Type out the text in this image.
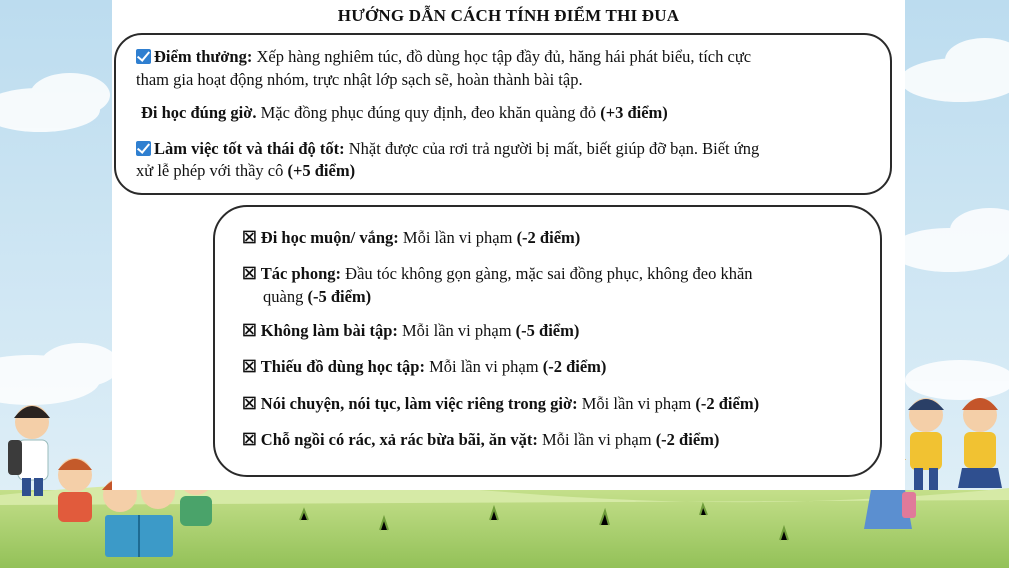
HƯỚNG DẪN CÁCH TÍNH ĐIỂM THI ĐUA
Điểm thưởng: Xếp hàng nghiêm túc, đồ dùng học tập đầy đủ, hăng hái phát biểu, tích cực
tham gia hoạt động nhóm, trực nhật lớp sạch sẽ, hoàn thành bài tập.
Đi học đúng giờ. Mặc đồng phục đúng quy định, đeo khăn quàng đỏ (+3 điểm)
Làm việc tốt và thái độ tốt: Nhặt được của rơi trả người bị mất, biết giúp đỡ bạn. Biết ứng
xử lễ phép với thầy cô (+5 điểm)
☒ Đi học muộn/ vắng: Mỗi lần vi phạm (-2 điểm)
☒ Tác phong: Đầu tóc không gọn gàng, mặc sai đồng phục, không đeo khăn
quàng (-5 điểm)
☒ Không làm bài tập: Mỗi lần vi phạm (-5 điểm)
☒ Thiếu đồ dùng học tập: Mỗi lần vi phạm (-2 điểm)
☒ Nói chuyện, nói tục, làm việc riêng trong giờ: Mỗi lần vi phạm (-2 điểm)
☒ Chỗ ngồi có rác, xả rác bừa bãi, ăn vặt: Mỗi lần vi phạm (-2 điểm)
